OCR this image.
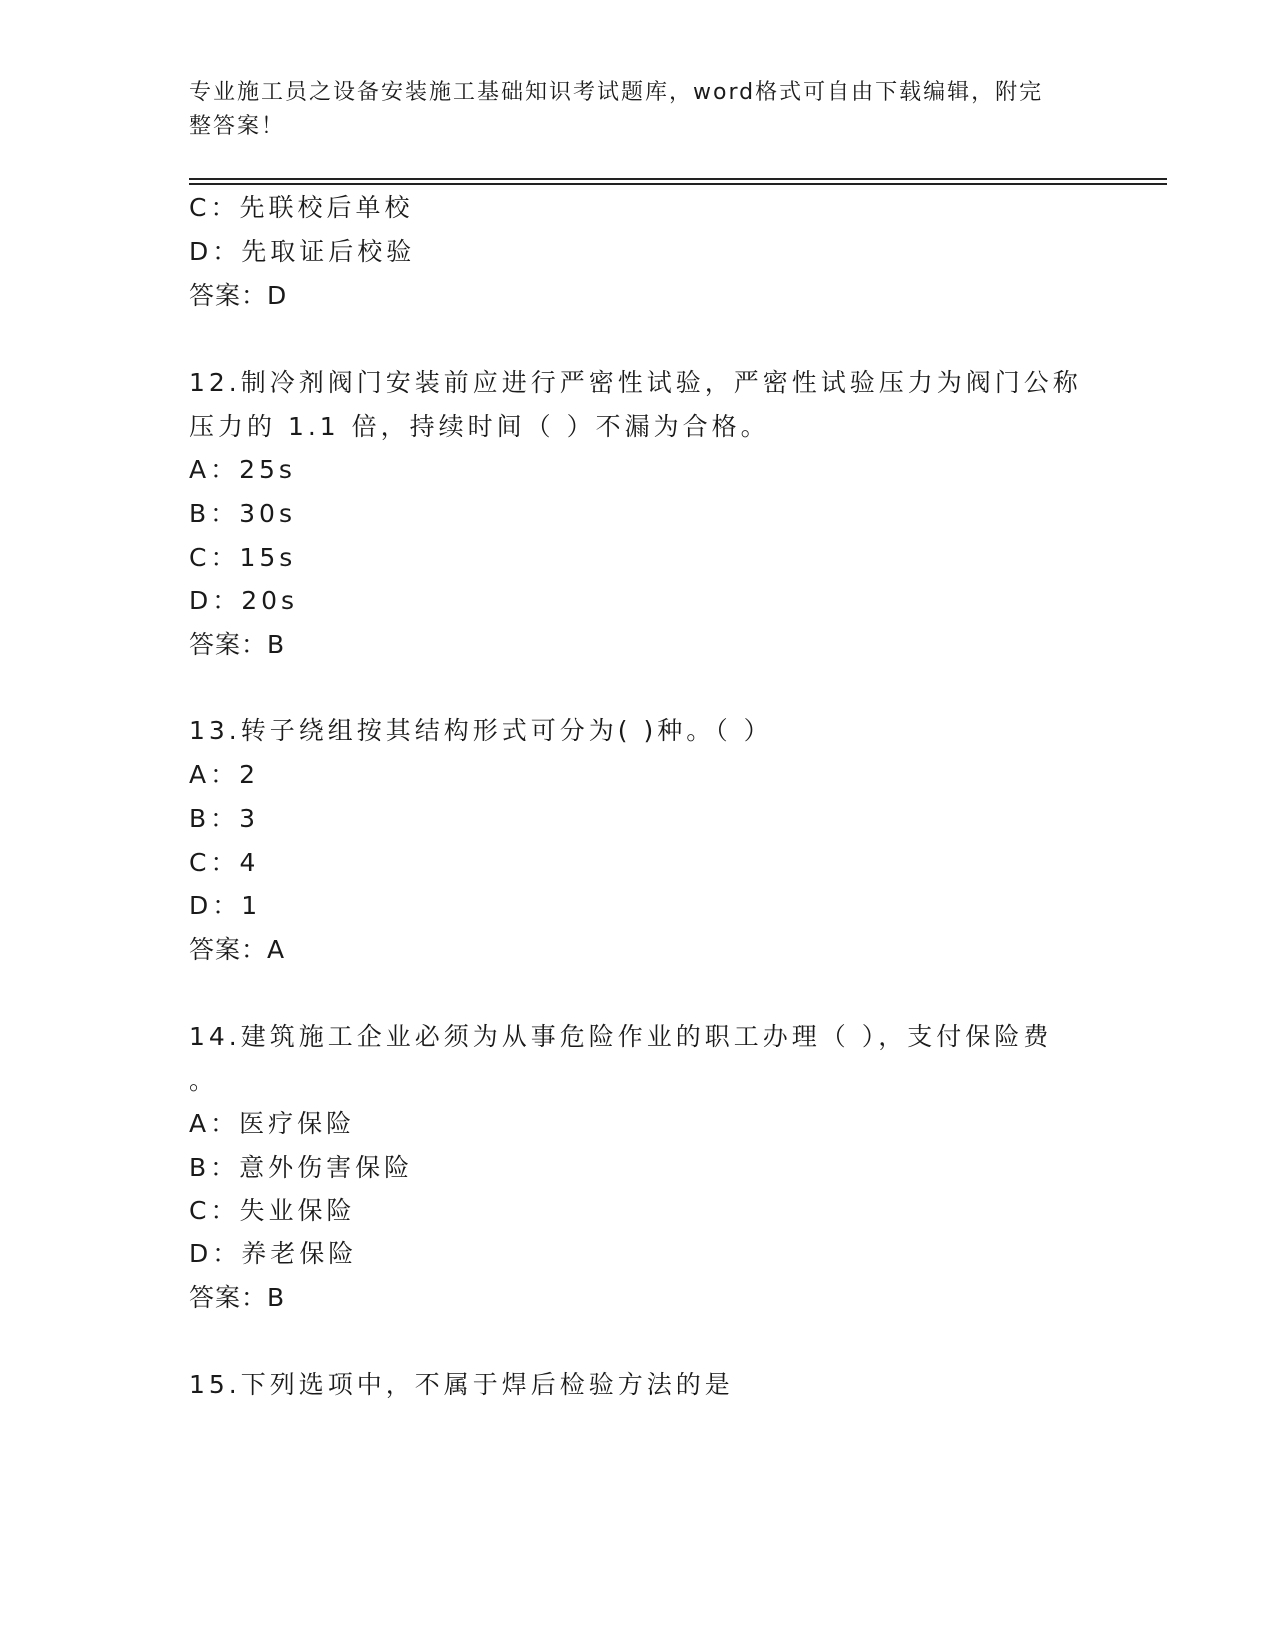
专业施工员之设备安装施工基础知识考试题库，word格式可自由下载编辑，附完
整答案！

C：先联校后单校

D：先取证后校验

答案：D

12.制冷剂阀门安装前应进行严密性试验，严密性试验压力为阀门公称

压力的 1.1 倍，持续时间（ ）不漏为合格。

A：25s

B：30s

C：15s

D：20s

答案：B

13.转子绕组按其结构形式可分为( )种。（ ）

A：2

B：3

C：4

D：1

答案：A

14.建筑施工企业必须为从事危险作业的职工办理（ ），支付保险费

。

A：医疗保险

B：意外伤害保险

C：失业保险

D：养老保险

答案：B

15.下列选项中，不属于焊后检验方法的是
